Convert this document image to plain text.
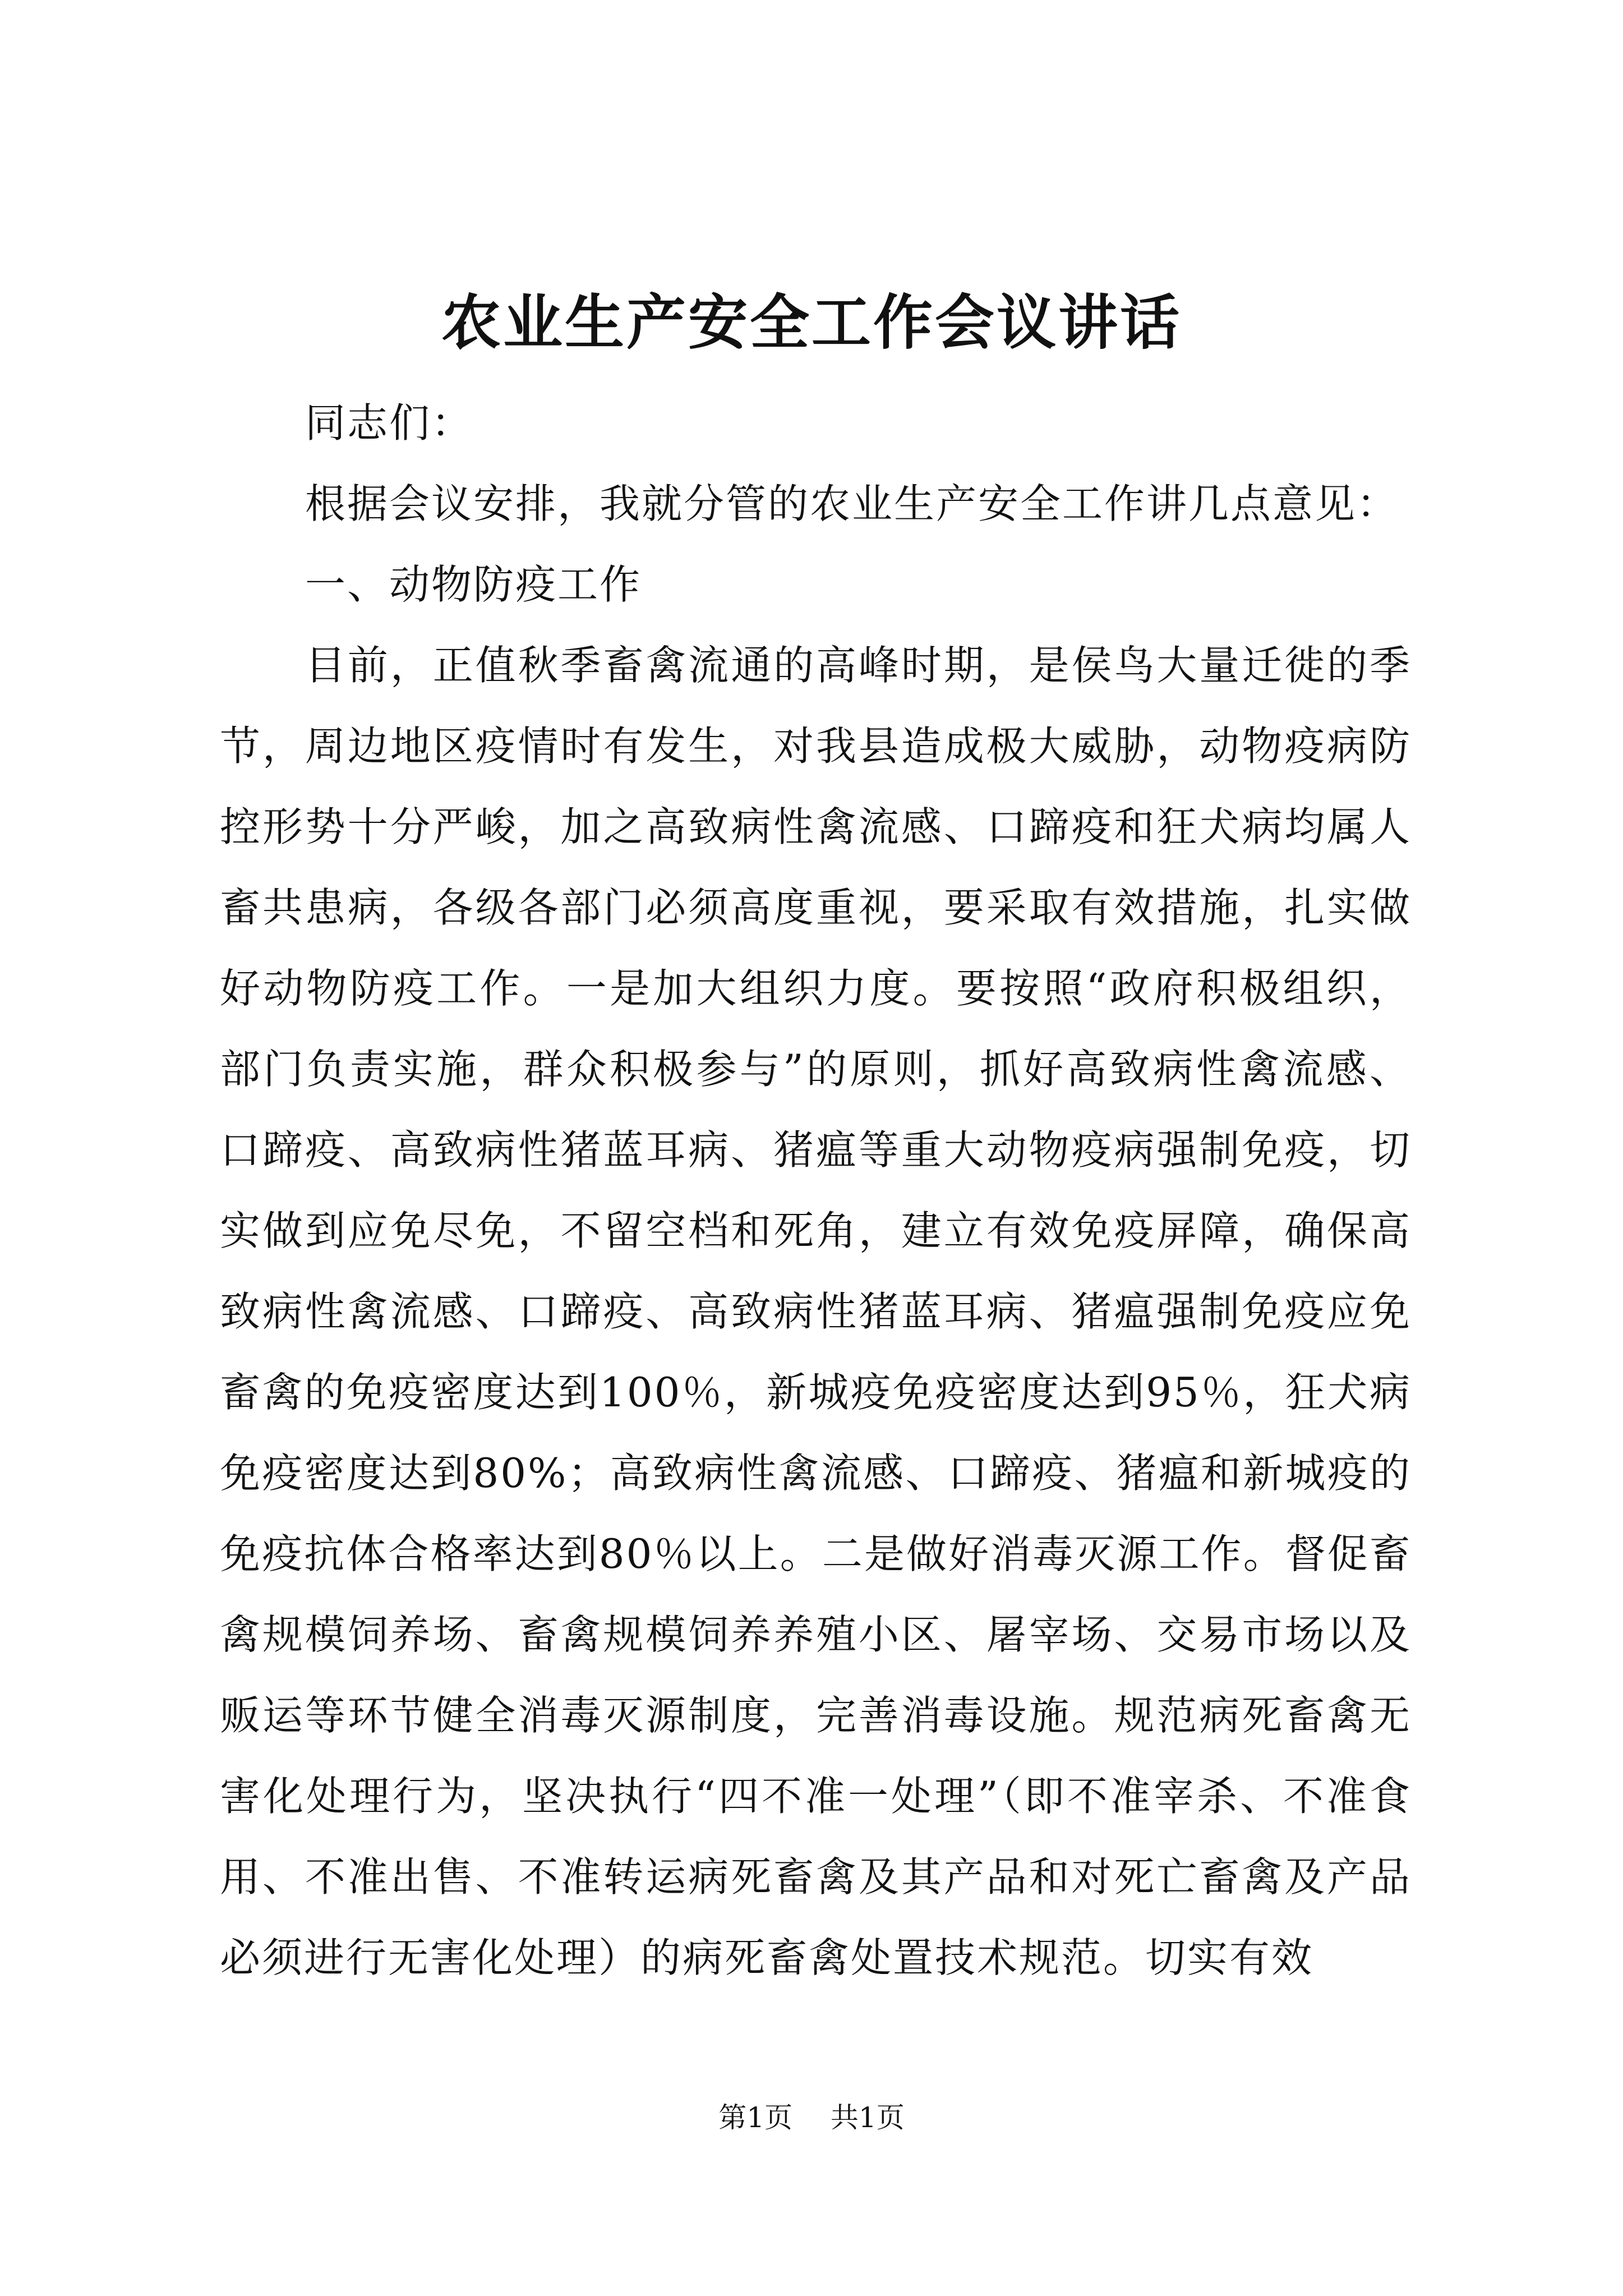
农业生产安全工作会议讲话

同志们：

根据会议安排，我就分管的农业生产安全工作讲几点意见：

一、动物防疫工作

目前，正值秋季畜禽流通的高峰时期，是侯鸟大量迁徙的季节，周边地区疫情时有发生，对我县造成极大威胁，动物疫病防控形势十分严峻，加之高致病性禽流感、口蹄疫和狂犬病均属人畜共患病，各级各部门必须高度重视，要采取有效措施，扎实做好动物防疫工作。一是加大组织力度。要按照“政府积极组织，部门负责实施，群众积极参与”的原则，抓好高致病性禽流感、口蹄疫、高致病性猪蓝耳病、猪瘟等重大动物疫病强制免疫，切实做到应免尽免，不留空档和死角，建立有效免疫屏障，确保高致病性禽流感、口蹄疫、高致病性猪蓝耳病、猪瘟强制免疫应免畜禽的免疫密度达到100％，新城疫免疫密度达到95％，狂犬病免疫密度达到80%；高致病性禽流感、口蹄疫、猪瘟和新城疫的免疫抗体合格率达到80％以上。二是做好消毒灭源工作。督促畜禽规模饲养场、畜禽规模饲养养殖小区、屠宰场、交易市场以及贩运等环节健全消毒灭源制度，完善消毒设施。规范病死畜禽无害化处理行为，坚决执行“四不准一处理”（即不准宰杀、不准食用、不准出售、不准转运病死畜禽及其产品和对死亡畜禽及产品必须进行无害化处理）的病死畜禽处置技术规范。切实有效

第1页 共1页
